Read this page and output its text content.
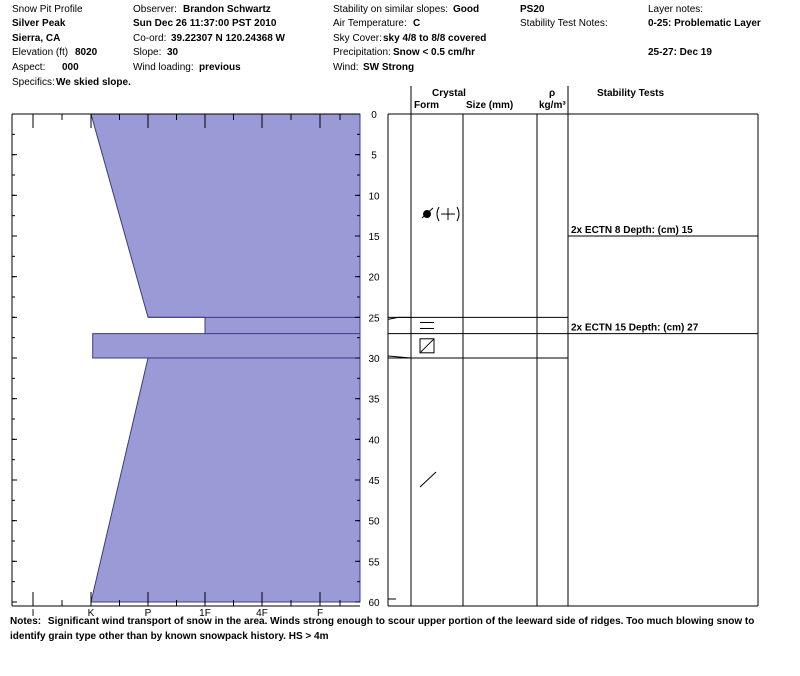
Snow Pit Profile
Silver Peak
Sierra, CA
Elevation (ft) 8020
Aspect: 000
Specifics: We skied slope.
Observer: Brandon Schwartz
Sun Dec 26 11:37:00 PST 2010
Co-ord: 39.22307 N 120.24368 W
Slope: 30
Wind loading: previous
Stability on similar slopes: Good
Air Temperature: C
Sky Cover: sky 4/8 to 8/8 covered
Precipitation: Snow < 0.5 cm/hr
Wind: SW Strong
PS20
Stability Test Notes:
Layer notes:
0-25: Problematic Layer
25-27: Dec 19
Crystal
Form	Size (mm)
ρ
kg/m³
Stability Tests
I	K	P	1F	4F	F
0
5
10
15
20
25
30
35
40
45
50
55
60
2x ECTN 8 Depth: (cm) 15
2x ECTN 15 Depth: (cm) 27
Notes: Significant wind transport of snow in the area. Winds strong enough to scour upper portion of the leeward side of ridges. Too much blowing snow to identify grain type other than by known snowpack history. HS > 4m
